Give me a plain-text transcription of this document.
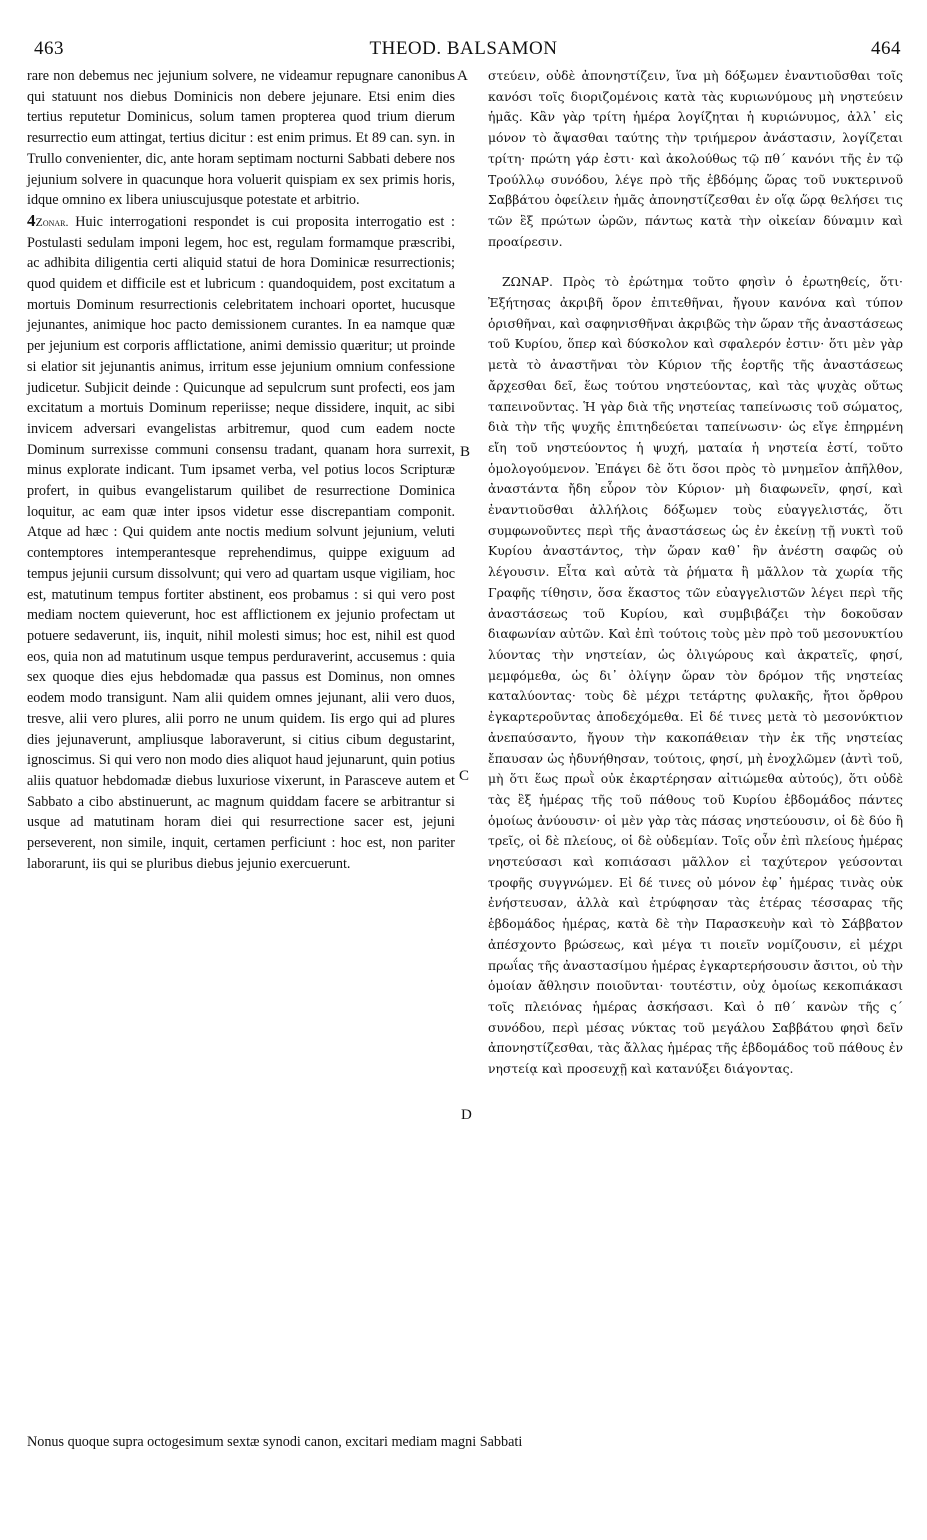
463	THEOD. BALSAMON	464

rare non debemus nec jejunium solvere, ne videamur repugnare canonibus qui statuunt nos diebus Dominicis non debere jejunare. Etsi enim dies tertius reputetur Dominicus, solum tamen propterea quod trium dierum resurrectio eum attingat, tertius dicitur : est enim primus. Et 89 can. syn. in Trullo convenienter, dic, ante horam septimam nocturni Sabbati debere nos jejunium solvere in quacunque hora voluerit quispiam ex sex primis horis, idque omnino ex libera uniuscujusque potestate et arbitrio.

4Zonar. Huic interrogationi respondet is cui proposita interrogatio est : Postulasti sedulam imponi legem, hoc est, regulam formamque præscribi, ac adhibita diligentia certi aliquid statui de hora Dominicæ resurrectionis; quod quidem et difficile est et lubricum : quandoquidem, post excitatum a mortuis Dominum resurrectionis celebritatem inchoari oportet, hucusque jejunantes, animique hoc pacto demissionem curantes. In ea namque quæ per jejunium est corporis afflictatione, animi demissio quæritur; ut proinde si elatior sit jejunantis animus, irritum esse jejunium omnium confessione judicetur. Subjicit deinde : Quicunque ad sepulcrum sunt profecti, eos jam excitatum a mortuis Dominum reperiisse; neque dissidere, inquit, ac sibi invicem adversari evangelistas arbitremur, quod cum eadem nocte Dominum surrexisse communi consensu tradant, quanam hora surrexit, minus explorate indicant. Tum ipsamet verba, vel potius locos Scripturæ profert, in quibus evangelistarum quilibet de resurrectione Dominica loquitur, ac eam quæ inter ipsos videtur esse discrepantiam componit. Atque ad hæc : Qui quidem ante noctis medium solvunt jejunium, veluti contemptores intemperantesque reprehendimus, quippe exiguum ad tempus jejunii cursum dissolvunt; qui vero ad quartam usque vigiliam, hoc est, matutinum tempus fortiter abstinent, eos probamus : si qui vero post mediam noctem quieverunt, hoc est afflictionem ex jejunio profectam ut potuere sedaverunt, iis, inquit, nihil molesti simus; hoc est, nihil est quod eos, quia non ad matutinum usque tempus perduraverint, accusemus : quia sex quoque dies ejus hebdomadæ qua passus est Dominus, non omnes eodem modo transigunt. Nam alii quidem omnes jejunant, alii vero duos, tresve, alii vero plures, alii porro ne unum quidem. Iis ergo qui ad plures dies jejunaverunt, ampliusque laboraverunt, si citius cibum degustarint, ignoscimus. Si qui vero non modo dies aliquot haud jejunarunt, quin potius aliis quatuor hebdomadæ diebus luxuriose vixerunt, in Parasceve autem et Sabbato a cibo abstinuerunt, ac magnum quiddam facere se arbitrantur si usque ad matutinam horam diei qui resurrectione sacer est, jejuni perseverent, non simile, inquit, certamen perficiunt : hoc est, non pariter laborarunt, iis qui se pluribus diebus jejunio exercuerunt.

A
B
C
D

στεύειν, οὐδὲ ἀπονηστίζειν, ἵνα μὴ δόξωμεν ἐναντιοῦσθαι τοῖς κανόσι τοῖς διοριζομένοις κατὰ τὰς κυριωνύμους μὴ νηστεύειν ἡμᾶς. Κἂν γὰρ τρίτη ἡμέρα λογίζηται ἡ κυριώνυμος, ἀλλ᾽ εἰς μόνον τὸ ἄψασθαι ταύτης τὴν τριήμερον ἀνάστασιν, λογίζεται τρίτη· πρώτη γάρ ἐστι· καὶ ἀκολούθως τῷ πθ´ κανόνι τῆς ἐν τῷ Τρούλλῳ συνόδου, λέγε πρὸ τῆς ἑβδόμης ὥρας τοῦ νυκτερινοῦ Σαββάτου ὀφείλειν ἡμᾶς ἀπονηστίζεσθαι ἐν οἵᾳ ὥρᾳ θελήσει τις τῶν ἓξ πρώτων ὡρῶν, πάντως κατὰ τὴν οἰκείαν δύναμιν καὶ προαίρεσιν.

ΖΩΝΑΡ. Πρὸς τὸ ἐρώτημα τοῦτο φησὶν ὁ ἐρωτηθείς, ὅτι· Ἐξήτησας ἀκριβῆ ὅρον ἐπιτεθῆναι, ἤγουν κανόνα καὶ τύπον ὁρισθῆναι, καὶ σαφηνισθῆναι ἀκριβῶς τὴν ὥραν τῆς ἀναστάσεως τοῦ Κυρίου, ὅπερ καὶ δύσκολον καὶ σφαλερόν ἐστιν· ὅτι μὲν γὰρ μετὰ τὸ ἀναστῆναι τὸν Κύριον τῆς ἑορτῆς τῆς ἀναστάσεως ἄρχεσθαι δεῖ, ἕως τούτου νηστεύοντας, καὶ τὰς ψυχὰς οὕτως ταπεινοῦντας. Ἡ γὰρ διὰ τῆς νηστείας ταπείνωσις τοῦ σώματος, διὰ τὴν τῆς ψυχῆς ἐπιτηδεύεται ταπείνωσιν· ὡς εἴγε ἐπηρμένη εἴη τοῦ νηστεύοντος ἡ ψυχή, ματαία ἡ νηστεία ἐστί, τοῦτο ὁμολογούμενον. Ἐπάγει δὲ ὅτι ὅσοι πρὸς τὸ μνημεῖον ἀπῆλθον, ἀναστάντα ἤδη εὗρον τὸν Κύριον· μὴ διαφωνεῖν, φησί, καὶ ἐναντιοῦσθαι ἀλλήλοις δόξωμεν τοὺς εὐαγγελιστάς, ὅτι συμφωνοῦντες περὶ τῆς ἀναστάσεως ὡς ἐν ἐκείνῃ τῇ νυκτὶ τοῦ Κυρίου ἀναστάντος, τὴν ὥραν καθ᾽ ἣν ἀνέστη σαφῶς οὐ λέγουσιν. Εἶτα καὶ αὐτὰ τὰ ῥήματα ἢ μᾶλλον τὰ χωρία τῆς Γραφῆς τίθησιν, ὅσα ἕκαστος τῶν εὐαγγελιστῶν λέγει περὶ τῆς ἀναστάσεως τοῦ Κυρίου, καὶ συμβιβάζει τὴν δοκοῦσαν διαφωνίαν αὐτῶν. Καὶ ἐπὶ τούτοις τοὺς μὲν πρὸ τοῦ μεσονυκτίου λύοντας τὴν νηστείαν, ὡς ὀλιγώρους καὶ ἀκρατεῖς, φησί, μεμφόμεθα, ὡς δι᾽ ὀλίγην ὥραν τὸν δρόμον τῆς νηστείας καταλύοντας· τοὺς δὲ μέχρι τετάρτης φυλακῆς, ἤτοι ὄρθρου ἐγκαρτεροῦντας ἀποδεχόμεθα. Εἰ δέ τινες μετὰ τὸ μεσονύκτιον ἀνεπαύσαντο, ἤγουν τὴν κακοπάθειαν τὴν ἐκ τῆς νηστείας ἔπαυσαν ὡς ἠδυνήθησαν, τούτοις, φησί, μὴ ἐνοχλῶμεν (ἀντὶ τοῦ, μὴ ὅτι ἕως πρωῒ οὐκ ἐκαρτέρησαν αἰτιώμεθα αὐτούς), ὅτι οὐδὲ τὰς ἓξ ἡμέρας τῆς τοῦ πάθους τοῦ Κυρίου ἑβδομάδος πάντες ὁμοίως ἀνύουσιν· οἱ μὲν γὰρ τὰς πάσας νηστεύουσιν, οἱ δὲ δύο ἢ τρεῖς, οἱ δὲ πλείους, οἱ δὲ οὐδεμίαν. Τοῖς οὖν ἐπὶ πλείους ἡμέρας νηστεύσασι καὶ κοπιάσασι μᾶλλον εἰ ταχύτερον γεύσονται τροφῆς συγγνώμεν. Εἰ δέ τινες οὐ μόνον ἐφ᾽ ἡμέρας τινὰς οὐκ ἐνήστευσαν, ἀλλὰ καὶ ἐτρύφησαν τὰς ἑτέρας τέσσαρας τῆς ἑβδομάδος ἡμέρας, κατὰ δὲ τὴν Παρασκευὴν καὶ τὸ Σάββατον ἀπέσχοντο βρώσεως, καὶ μέγα τι ποιεῖν νομίζουσιν, εἰ μέχρι πρωΐας τῆς ἀναστασίμου ἡμέρας ἐγκαρτερήσουσιν ἄσιτοι, οὐ τὴν ὁμοίαν ἄθλησιν ποιοῦνται· τουτέστιν, οὐχ ὁμοίως κεκοπιάκασι τοῖς πλειόνας ἡμέρας ἀσκήσασι. Καὶ ὁ πθ´ κανὼν τῆς ς´ συνόδου, περὶ μέσας νύκτας τοῦ μεγάλου Σαββάτου φησὶ δεῖν ἀπονηστίζεσθαι, τὰς ἄλλας ἡμέρας τῆς ἑβδομάδος τοῦ πάθους ἐν νηστείᾳ καὶ προσευχῇ καὶ κατανύξει διάγοντας.

Nonus quoque supra octogesimum sextæ synodi canon, excitari mediam magni Sabbati
